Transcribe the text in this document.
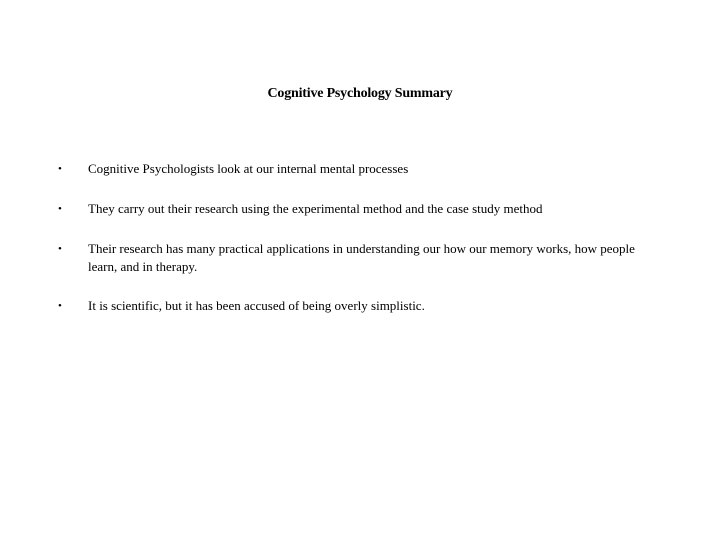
Cognitive Psychology Summary
•	Cognitive Psychologists look at our internal mental processes
•	They carry out their research using the experimental method and the case study method
•	Their research has many practical applications in understanding our how our memory works, how people learn, and in therapy.
•	It is scientific, but it has been accused of being overly simplistic.
